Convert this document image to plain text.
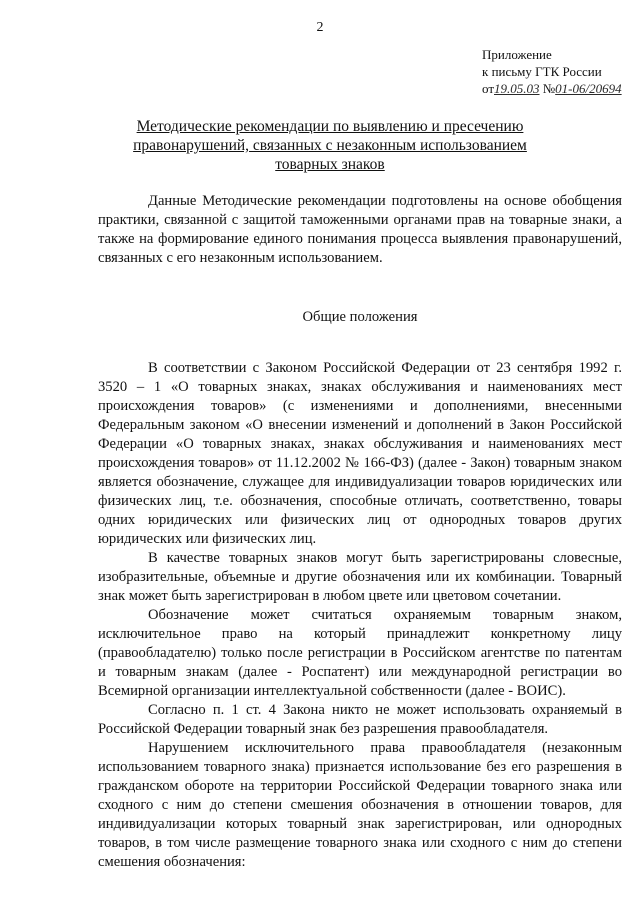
2
Приложение
к письму ГТК России
от19.05.03 №01-06/20694
Методические рекомендации по выявлению и пресечению правонарушений, связанных с незаконным использованием товарных знаков

Данные Методические рекомендации подготовлены на основе обобщения практики, связанной с защитой таможенными органами прав на товарные знаки, а также на формирование единого понимания процесса выявления правонарушений, связанных с его незаконным использованием.

Общие положения

В соответствии с Законом Российской Федерации от 23 сентября 1992 г. 3520 – 1 «О товарных знаках, знаках обслуживания и наименованиях мест происхождения товаров» (с изменениями и дополнениями, внесенными Федеральным законом «О внесении изменений и дополнений в Закон Российской Федерации «О товарных знаках, знаках обслуживания и наименованиях мест происхождения товаров» от 11.12.2002 № 166-ФЗ) (далее - Закон) товарным знаком является обозначение, служащее для индивидуализации товаров юридических или физических лиц, т.е. обозначения, способные отличать, соответственно, товары одних юридических или физических лиц от однородных товаров других юридических или физических лиц.

В качестве товарных знаков могут быть зарегистрированы словесные, изобразительные, объемные и другие обозначения или их комбинации. Товарный знак может быть зарегистрирован в любом цвете или цветовом сочетании.

Обозначение может считаться охраняемым товарным знаком, исключительное право на который принадлежит конкретному лицу (правообладателю) только после регистрации в Российском агентстве по патентам и товарным знакам (далее - Роспатент) или международной регистрации во Всемирной организации интеллектуальной собственности (далее - ВОИС).

Согласно п. 1 ст. 4 Закона никто не может использовать охраняемый в Российской Федерации товарный знак без разрешения правообладателя.

Нарушением исключительного права правообладателя (незаконным использованием товарного знака) признается использование без его разрешения в гражданском обороте на территории Российской Федерации товарного знака или сходного с ним до степени смешения обозначения в отношении товаров, для индивидуализации которых товарный знак зарегистрирован, или однородных товаров, в том числе размещение товарного знака или сходного с ним до степени смешения обозначения:
